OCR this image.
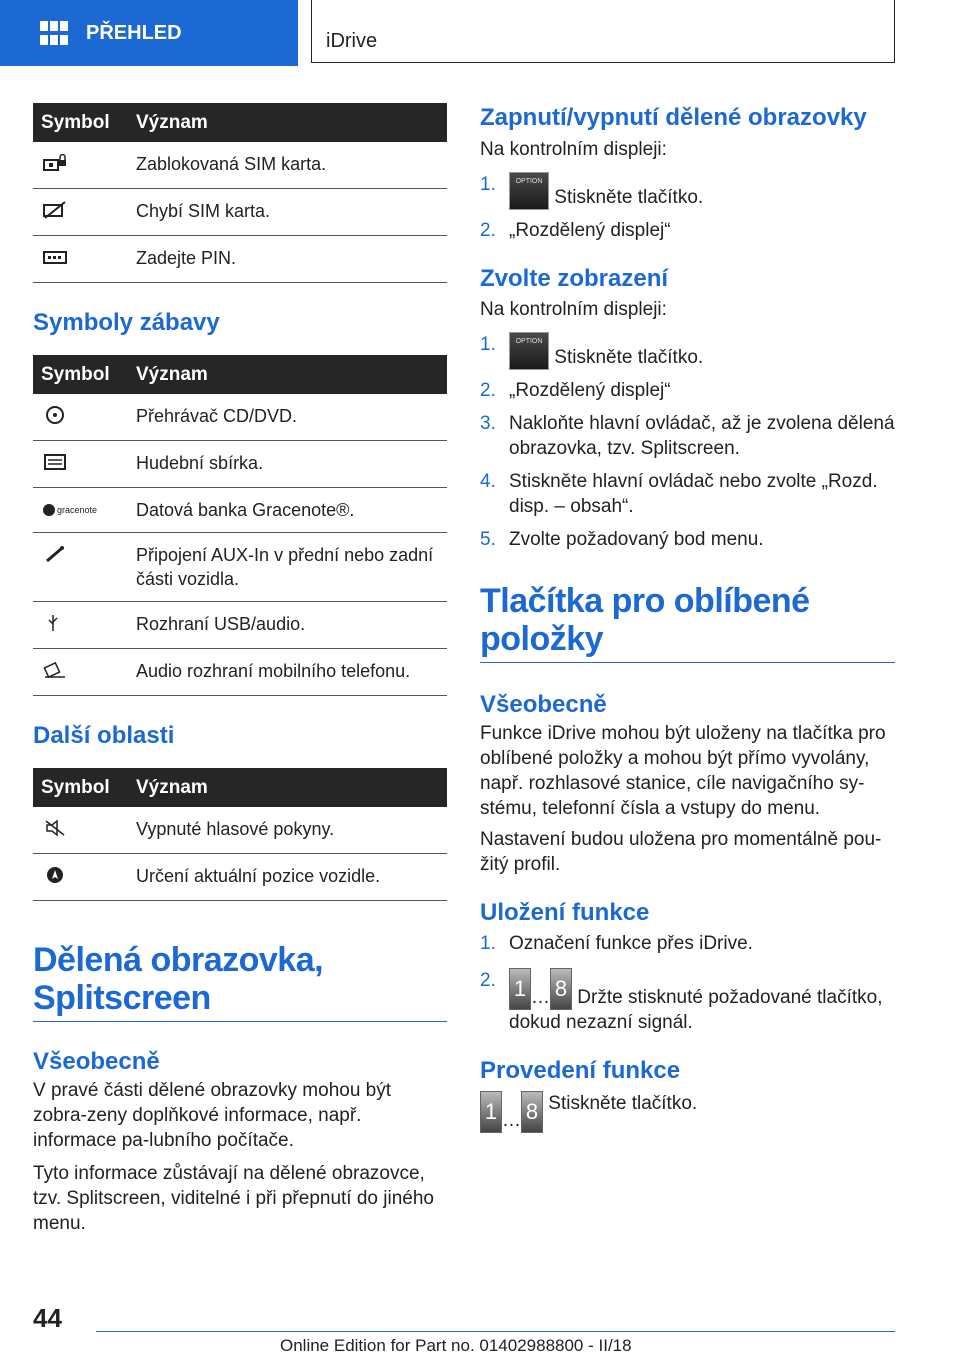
PŘEHLED	iDrive
Symbol	Význam
	Zablokovaná SIM karta.
	Chybí SIM karta.
	Zadejte PIN.
Symboly zábavy
Symbol	Význam
	Přehrávač CD/DVD.
	Hudební sbírka.

gracenote	Datová banka Gracenote®.
	Připojení AUX-In v přední nebo zadní části vozidla.
	Rozhraní USB/audio.
	Audio rozhraní mobilního telefonu.
Další oblasti
Symbol	Význam
	Vypnuté hlasové pokyny.
	Určení aktuální pozice vozidle.
Dělená obrazovka, Splitscreen
Všeobecně

V pravé části dělené obrazovky mohou být zobra‐zeny doplňkové informace, např. informace pa‐lubního počítače.

Tyto informace zůstávají na dělené obrazovce, tzv. Splitscreen, viditelné i při přepnutí do jiného menu.

Zapnutí/vypnutí dělené obrazovky

Na kontrolním displeji:

1.	OPTION Stiskněte tlačítko.
2. „Rozdělený displej“
Zvolte zobrazení

Na kontrolním displeji:

1.	OPTION Stiskněte tlačítko.
2. „Rozdělený displej“
3. Nakloňte hlavní ovládač, až je zvolena dělená obrazovka, tzv. Splitscreen.
4. Stiskněte hlavní ovládač nebo zvolte „Rozd. disp. – obsah“.
5. Zvolte požadovaný bod menu.
Tlačítka pro oblíbené položky
Všeobecně

Funkce iDrive mohou být uloženy na tlačítka pro oblíbené položky a mohou být přímo vyvolány, např. rozhlasové stanice, cíle navigačního sy‐stému, telefonní čísla a vstupy do menu.

Nastavení budou uložena pro momentálně pou‐žitý profil.

Uložení funkce
1. Označení funkce přes iDrive.
2. 1 … 8 Držte stisknuté požadované tlačítko, dokud nezazní signál.
Provedení funkce
1 … 8 Stiskněte tlačítko.
44
Online Edition for Part no. 01402988800 - II/18
